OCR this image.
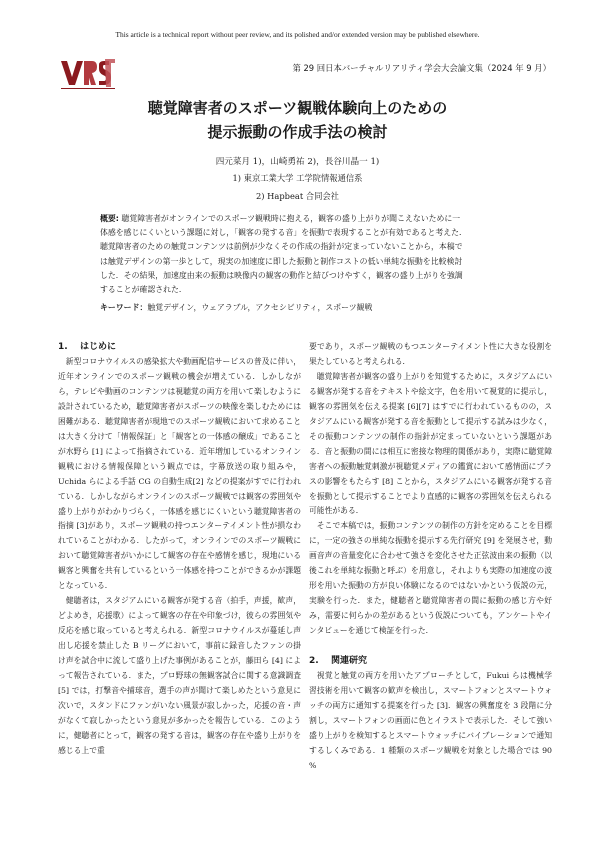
This article is a technical report without peer review, and its polished and/or extended version may be published elsewhere.
第 29 回日本バーチャルリアリティ学会大会論文集（2024 年 9 月）
聴覚障害者のスポーツ観戦体験向上のための
提示振動の作成手法の検討
四元菜月 1)，山崎勇祐 2)，長谷川晶一 1)
1) 東京工業大学 工学院情報通信系
2) Hapbeat 合同会社
概要: 聴覚障害者がオンラインでのスポーツ観戦時に抱える，観客の盛り上がりが聞こえないために一
体感を感じにくいという課題に対し，「観客の発する音」を振動で表現することが有効であると考えた．
聴覚障害者のための触覚コンテンツは前例が少なくその作成の指針が定まっていないことから，本稿で
は触覚デザインの第一歩として，現実の加速度に即した振動と制作コストの低い単純な振動を比較検討
した．その結果，加速度由来の振動は映像内の観客の動作と結びつけやすく，観客の盛り上がりを強調
することが確認された．
キーワード：触覚デザイン，ウェアラブル，アクセシビリティ，スポーツ観戦
1. はじめに

新型コロナウイルスの感染拡大や動画配信サービスの普及に伴い，近年オンラインでのスポーツ観戦の機会が増えている．しかしながら，テレビや動画のコンテンツは視聴覚の両方を用いて楽しむように設計されているため，聴覚障害者がスポーツの映像を楽しむためには困難がある．聴覚障害者が現地でのスポーツ観戦において求めることは大きく分けて「情報保証」と「観客との一体感の醸成」であることが水野ら [1] によって指摘されている．近年増加しているオンライン観戦における情報保障という観点では，字幕放送の取り組みや，Uchida らによる手話 CG の自動生成[2] などの提案がすでに行われている．しかしながらオンラインのスポーツ観戦では観客の雰囲気や盛り上がりがわかりづらく，一体感を感じにくいという聴覚障害者の指摘 [3]があり，スポーツ観戦の持つエンターテイメント性が損なわれていることがわかる．したがって，オンラインでのスポーツ観戦において聴覚障害者がいかにして観客の存在や感情を感じ，現地にいる観客と興奮を共有しているという一体感を持つことができるかが課題となっている．

健聴者は，スタジアムにいる観客が発する音（拍手，声援，歓声，どよめき，応援歌）によって観客の存在や印象づけ，彼らの雰囲気や反応を感じ取っていると考えられる．新型コロナウイルスが蔓延し声出し応援を禁止した B リーグにおいて，事前に録音したファンの掛け声を試合中に流して盛り上げた事例があることが，藤田ら [4] によって報告されている．また，プロ野球の無観客試合に関する意識調査 [5] では，打撃音や捕球音，選手の声が聞けて楽しめたという意見に次いで，スタンドにファンがいない風景が寂しかった，応援の音・声がなくて寂しかったという意見が多かったを報告している．このように，健聴者にとって，観客の発する音は，観客の存在や盛り上がりを感じる上で重

要であり，スポーツ観戦のもつエンターテイメント性に大きな役割を果たしていると考えられる．

聴覚障害者が観客の盛り上がりを知覚するために，スタジアムにいる観客が発する音をテキストや絵文字，色を用いて視覚的に提示し，観客の雰囲気を伝える提案 [6][7] はすでに行われているものの，スタジアムにいる観客が発する音を振動として提示する試みは少なく，その振動コンテンツの制作の指針が定まっていないという課題がある．音と振動の間には相互に密接な物理的関係があり，実際に聴覚障害者への振動触覚刺激が視聴覚メディアの鑑賞において感情面にプラスの影響をもたらす [8] ことから，スタジアムにいる観客が発する音を振動として提示することでより直感的に観客の雰囲気を伝えられる可能性がある．

そこで本稿では，振動コンテンツの制作の方針を定めることを目標に，一定の強さの単純な振動を提示する先行研究 [9] を発展させ，動画音声の音量変化に合わせて強さを変化させた正弦波由来の振動（以後これを単純な振動と呼ぶ）を用意し，それよりも実際の加速度の波形を用いた振動の方が良い体験になるのではないかという仮説の元，実験を行った．また，健聴者と聴覚障害者の間に振動の感じ方や好み，需要に何らかの差があるという仮説についても，アンケートやインタビューを通じて検証を行った．

2. 関連研究

視覚と触覚の両方を用いたアプローチとして，Fukui らは機械学習技術を用いて観客の歓声を検出し，スマートフォンとスマートウォッチの両方に通知する提案を行った [3]．観客の興奮度を 3 段階に分割し，スマートフォンの画面に色とイラストで表示した．そして強い盛り上がりを検知するとスマートウォッチにバイブレーションで通知するしくみである．1 種類のスポーツ観戦を対象とした場合では 90 %
